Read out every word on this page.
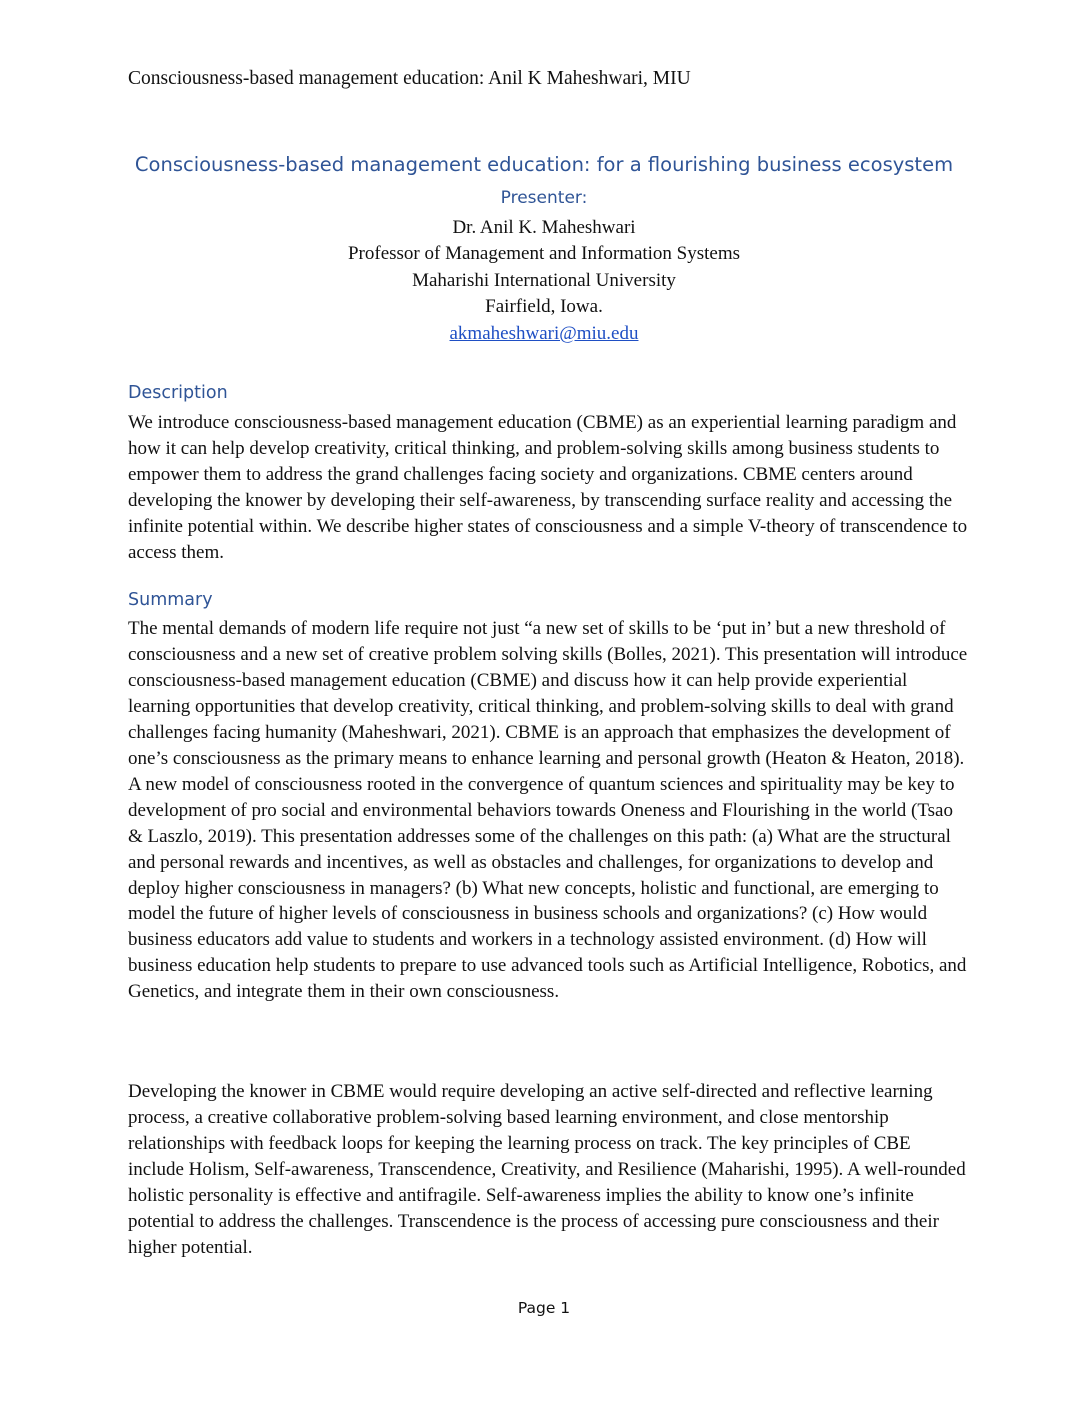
Consciousness-based management education: Anil K Maheshwari, MIU
Consciousness-based management education: for a flourishing business ecosystem
Presenter:
Dr. Anil K. Maheshwari
Professor of Management and Information Systems
Maharishi International University
Fairfield, Iowa.
akmaheshwari@miu.edu
Description

We introduce consciousness-based management education (CBME) as an experiential learning paradigm and how it can help develop creativity, critical thinking, and problem-solving skills among business students to empower them to address the grand challenges facing society and organizations. CBME centers around developing the knower by developing their self-awareness, by transcending surface reality and accessing the infinite potential within. We describe higher states of consciousness and a simple V-theory of transcendence to access them.

Summary

The mental demands of modern life require not just “a new set of skills to be ‘put in’ but a new threshold of consciousness and a new set of creative problem solving skills (Bolles, 2021). This presentation will introduce consciousness-based management education (CBME) and discuss how it can help provide experiential learning opportunities that develop creativity, critical thinking, and problem-solving skills to deal with grand challenges facing humanity (Maheshwari, 2021). CBME is an approach that emphasizes the development of one’s consciousness as the primary means to enhance learning and personal growth (Heaton & Heaton, 2018). A new model of consciousness rooted in the convergence of quantum sciences and spirituality may be key to development of pro social and environmental behaviors towards Oneness and Flourishing in the world (Tsao & Laszlo, 2019). This presentation addresses some of the challenges on this path: (a) What are the structural and personal rewards and incentives, as well as obstacles and challenges, for organizations to develop and deploy higher consciousness in managers? (b) What new concepts, holistic and functional, are emerging to model the future of higher levels of consciousness in business schools and organizations? (c) How would business educators add value to students and workers in a technology assisted environment. (d) How will business education help students to prepare to use advanced tools such as Artificial Intelligence, Robotics, and Genetics, and integrate them in their own consciousness.

Developing the knower in CBME would require developing an active self-directed and reflective learning process, a creative collaborative problem-solving based learning environment, and close mentorship relationships with feedback loops for keeping the learning process on track. The key principles of CBE include Holism, Self-awareness, Transcendence, Creativity, and Resilience (Maharishi, 1995). A well-rounded holistic personality is effective and antifragile. Self-awareness implies the ability to know one’s infinite potential to address the challenges. Transcendence is the process of accessing pure consciousness and their higher potential.

Page 1
